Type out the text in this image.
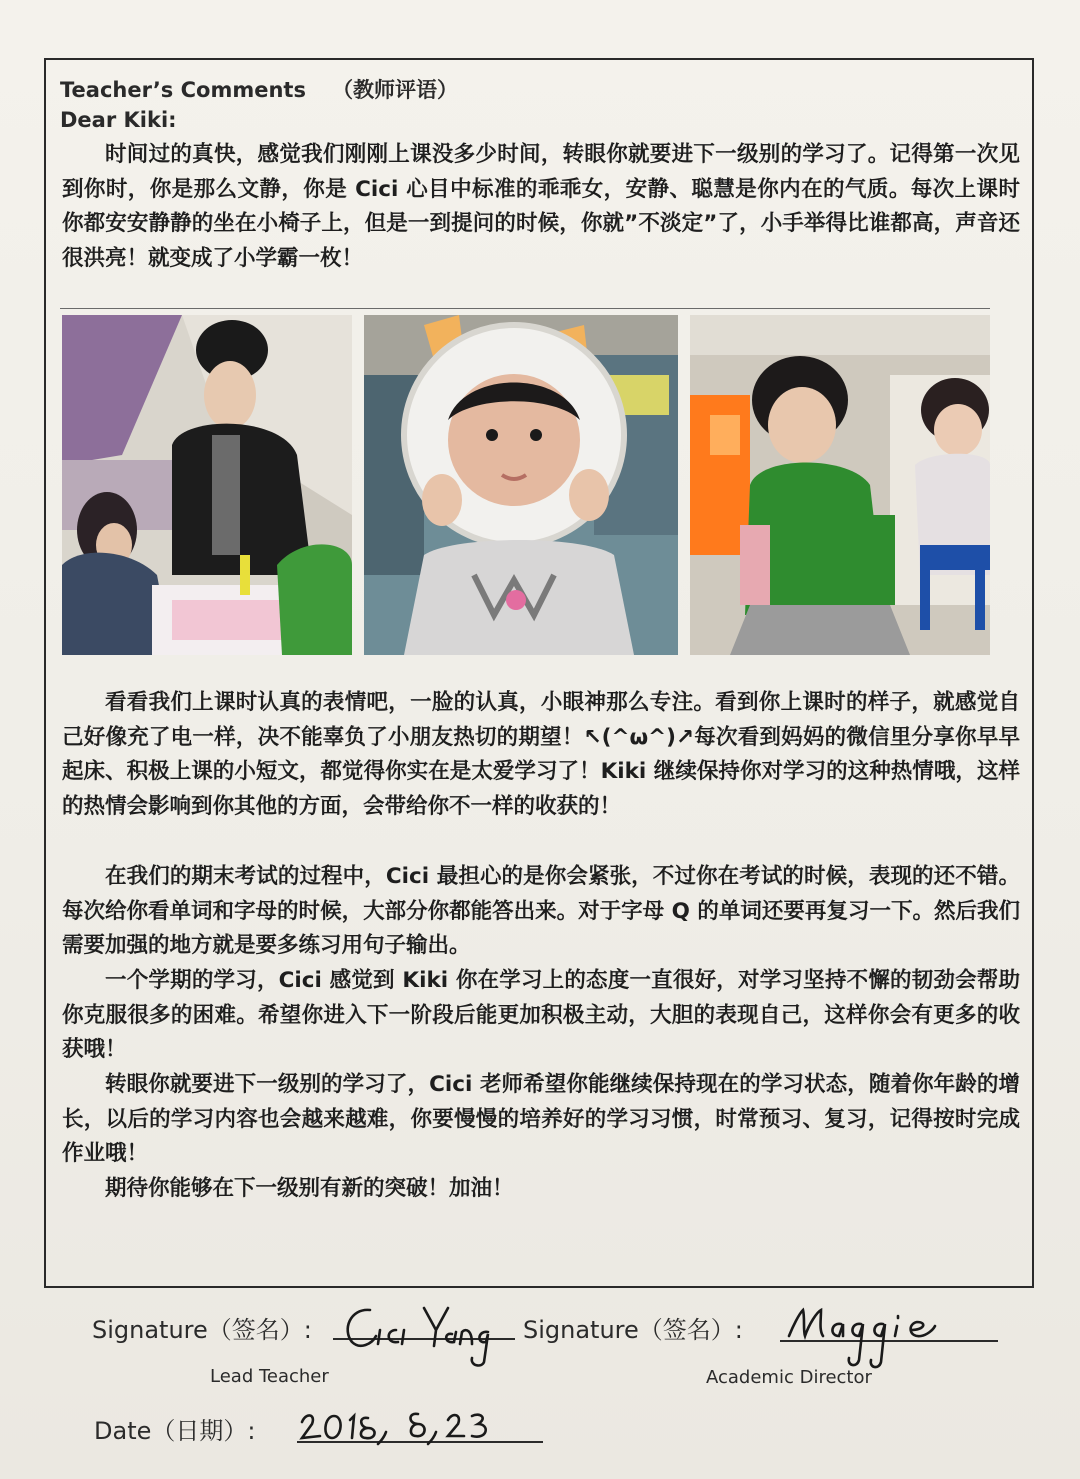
Teacher’s Comments （教师评语）
Dear Kiki:

时间过的真快，感觉我们刚刚上课没多少时间，转眼你就要进下一级别的学习了。记得第一次见到你时，你是那么文静，你是 Cici 心目中标准的乖乖女，安静、聪慧是你内在的气质。每次上课时你都安安静静的坐在小椅子上，但是一到提问的时候，你就”不淡定”了，小手举得比谁都高，声音还很洪亮！就变成了小学霸一枚！

看看我们上课时认真的表情吧，一脸的认真，小眼神那么专注。看到你上课时的样子，就感觉自己好像充了电一样，决不能辜负了小朋友热切的期望！↖(^ω^)↗每次看到妈妈的微信里分享你早早起床、积极上课的小短文，都觉得你实在是太爱学习了！Kiki 继续保持你对学习的这种热情哦，这样的热情会影响到你其他的方面，会带给你不一样的收获的！

在我们的期末考试的过程中，Cici 最担心的是你会紧张，不过你在考试的时候，表现的还不错。每次给你看单词和字母的时候，大部分你都能答出来。对于字母 Q 的单词还要再复习一下。然后我们需要加强的地方就是要多练习用句子输出。

一个学期的学习，Cici 感觉到 Kiki 你在学习上的态度一直很好，对学习坚持不懈的韧劲会帮助你克服很多的困难。希望你进入下一阶段后能更加积极主动，大胆的表现自己，这样你会有更多的收获哦！

转眼你就要进下一级别的学习了，Cici 老师希望你能继续保持现在的学习状态，随着你年龄的增长，以后的学习内容也会越来越难，你要慢慢的培养好的学习习惯，时常预习、复习，记得按时完成作业哦！

期待你能够在下一级别有新的突破！加油！

Signature（签名）:
Lead Teacher
Signature（签名）:
Academic Director
Date（日期）:
